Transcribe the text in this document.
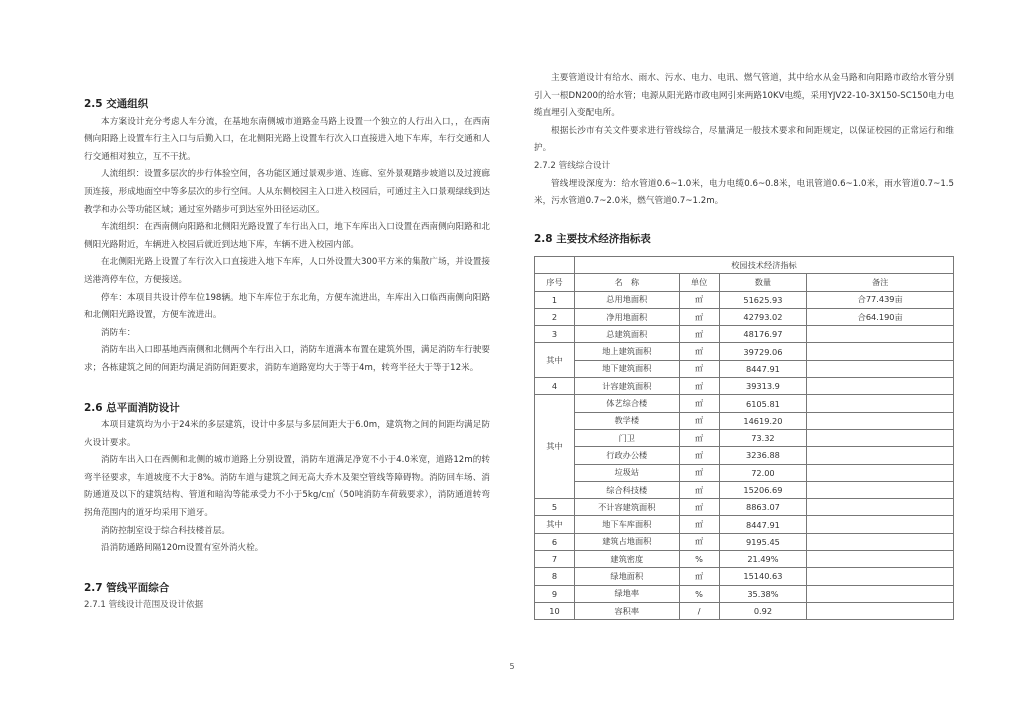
2.5 交通组织

本方案设计充分考虑人车分流，在基地东南侧城市道路金马路上设置一个独立的人行出入口，，在西南侧向阳路上设置车行主入口与后勤入口，在北侧阳光路上设置车行次入口直接进入地下车库，车行交通和人行交通相对独立，互不干扰。

人流组织：设置多层次的步行体验空间，各功能区通过景观步道、连廊、室外景观踏步坡道以及过渡廊顶连接，形成地面空中等多层次的步行空间。人从东侧校园主入口进入校园后，可通过主入口景观绿线到达教学和办公等功能区域；通过室外踏步可到达室外田径运动区。

车流组织：在西南侧向阳路和北侧阳光路设置了车行出入口，地下车库出入口设置在西南侧向阳路和北侧阳光路附近，车辆进入校园后就近到达地下库，车辆不进入校园内部。

在北侧阳光路上设置了车行次入口直接进入地下车库，人口外设置大300平方米的集散广场，并设置接送港湾停车位，方便接送。

停车：本项目共设计停车位198辆。地下车库位于东北角，方便车流进出，车库出入口临西南侧向阳路和北侧阳光路设置，方便车流进出。

消防车：

消防车出入口即基地西南侧和北侧两个车行出入口，消防车道满本布置在建筑外围，满足消防车行驶要求；各栋建筑之间的间距均满足消防间距要求，消防车道路宽均大于等于4m，转弯半径大于等于12米。

2.6 总平面消防设计

本项目建筑均为小于24米的多层建筑，设计中多层与多层间距大于6.0m，建筑物之间的间距均满足防火设计要求。

消防车出入口在西侧和北侧的城市道路上分别设置，消防车道满足净宽不小于4.0米宽，道路12m的转弯半径要求，车道坡度不大于8%。消防车道与建筑之间无高大乔木及架空管线等障碍物。消防回车场、消防通道及以下的建筑结构、管道和暗沟等能承受力不小于5kg/c㎡（50吨消防车荷载要求），消防通道转弯拐角范围内的道牙均采用下道牙。

消防控制室设于综合科技楼首层。

沿消防通路间隔120m设置有室外消火栓。

2.7 管线平面综合

2.7.1 管线设计范围及设计依据

主要管道设计有给水、雨水、污水、电力、电讯、燃气管道，其中给水从金马路和向阳路市政给水管分别引入一根DN200的给水管；电源从阳光路市政电网引来两路10KV电缆，采用YJV22-10-3X150-SC150电力电缆直埋引入变配电所。

根据长沙市有关文件要求进行管线综合，尽量满足一般技术要求和间距规定，以保证校园的正常运行和维护。

2.7.2 管线综合设计

管线埋设深度为：给水管道0.6~1.0米，电力电缆0.6~0.8米，电讯管道0.6~1.0米，雨水管道0.7~1.5米，污水管道0.7~2.0米，燃气管道0.7~1.2m。

2.8 主要技术经济指标表

	校园技术经济指标			
序号	名　称	单位	数量	备注
1	总用地面积	㎡	51625.93	合77.439亩
2	净用地面积	㎡	42793.02	合64.190亩
3	总建筑面积	㎡	48176.97	
其中	地上建筑面积	㎡	39729.06	
	地下建筑面积	㎡	8447.91	
4	计容建筑面积	㎡	39313.9	
其中	体艺综合楼	㎡	6105.81	
	教学楼	㎡	14619.20	
	门卫	㎡	73.32	
	行政办公楼	㎡	3236.88	
	垃圾站	㎡	72.00	
	综合科技楼	㎡	15206.69	
5	不计容建筑面积	㎡	8863.07	
其中	地下车库面积	㎡	8447.91	
6	建筑占地面积	㎡	9195.45	
7	建筑密度	%	21.49%	
8	绿地面积	㎡	15140.63	
9	绿地率	%	35.38%	
10	容积率	/	0.92	
5
